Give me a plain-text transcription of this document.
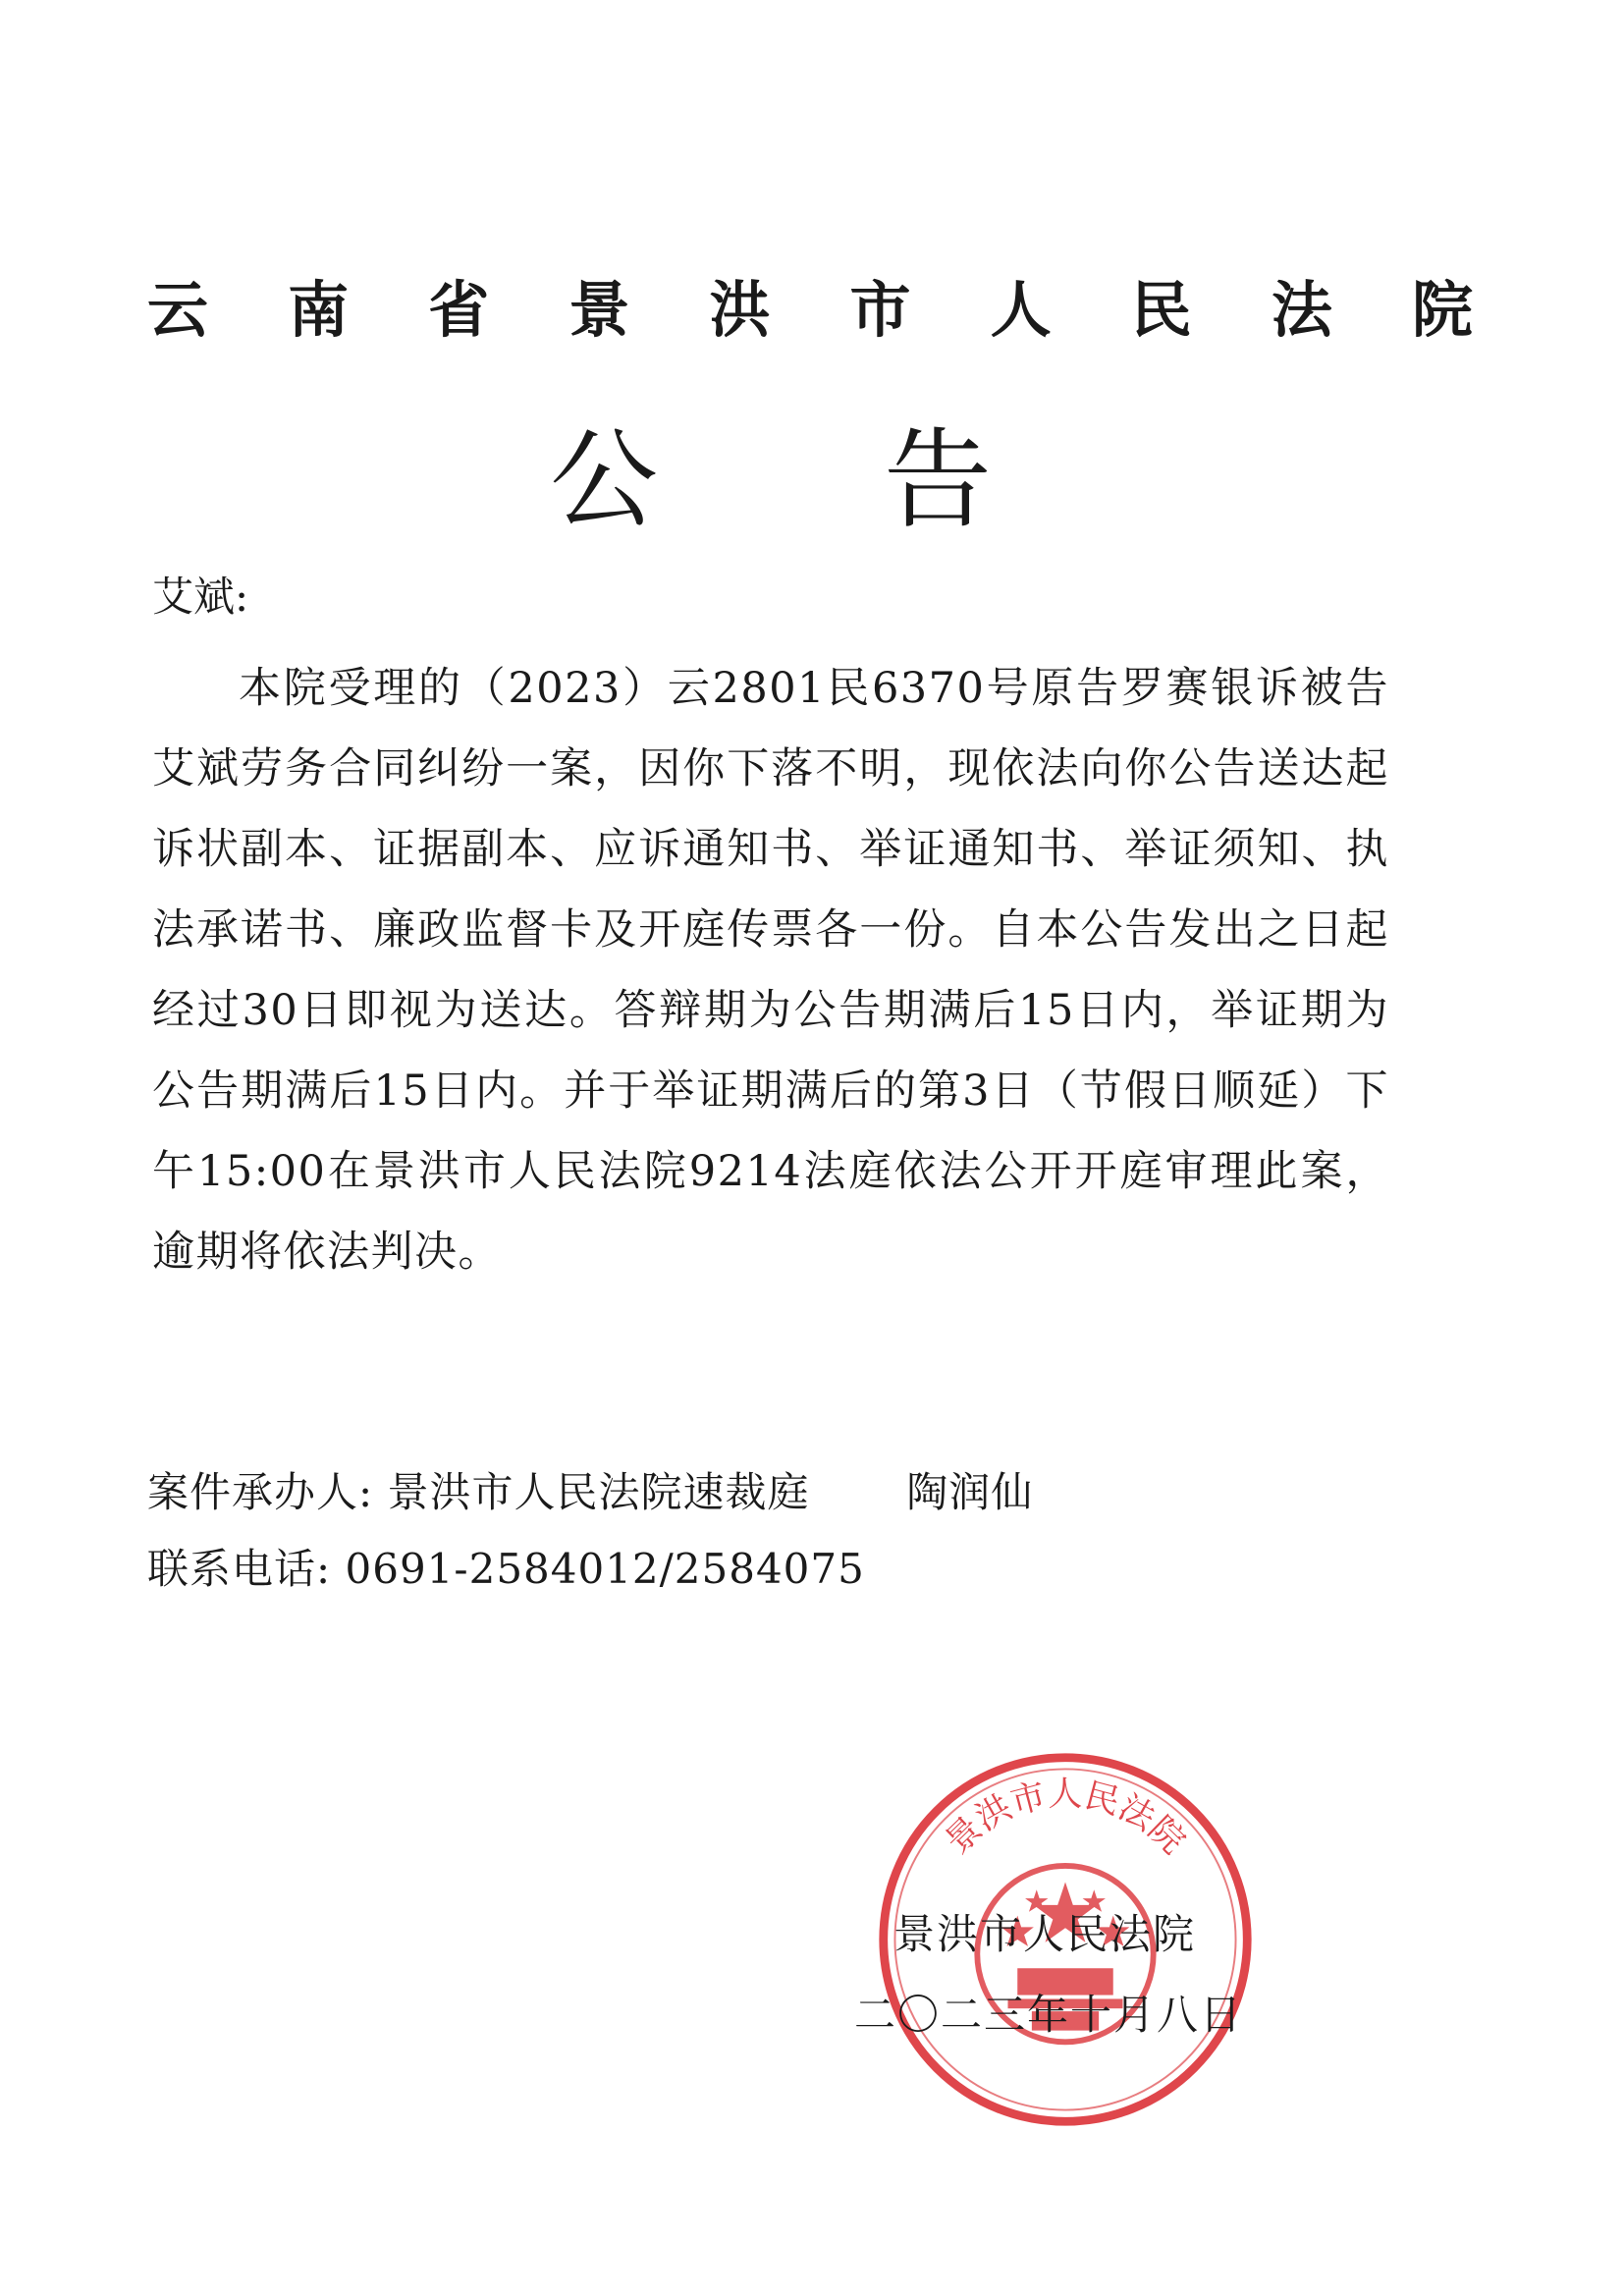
云 南 省 景 洪 市 人 民 法 院
公 告
艾斌:

本院受理的（2023）云2801民6370号原告罗赛银诉被告艾斌劳务合同纠纷一案，因你下落不明，现依法向你公告送达起诉状副本、证据副本、应诉通知书、举证通知书、举证须知、执法承诺书、廉政监督卡及开庭传票各一份。自本公告发出之日起经过30日即视为送达。答辩期为公告期满后15日内，举证期为公告期满后15日内。并于举证期满后的第3日（节假日顺延）下午15:00在景洪市人民法院9214法庭依法公开开庭审理此案，逾期将依法判决。

案件承办人: 景洪市人民法院速裁庭 陶润仙
联系电话: 0691-2584012/2584075
景洪市人民法院
景洪市人民法院
二〇二三年十月八日
